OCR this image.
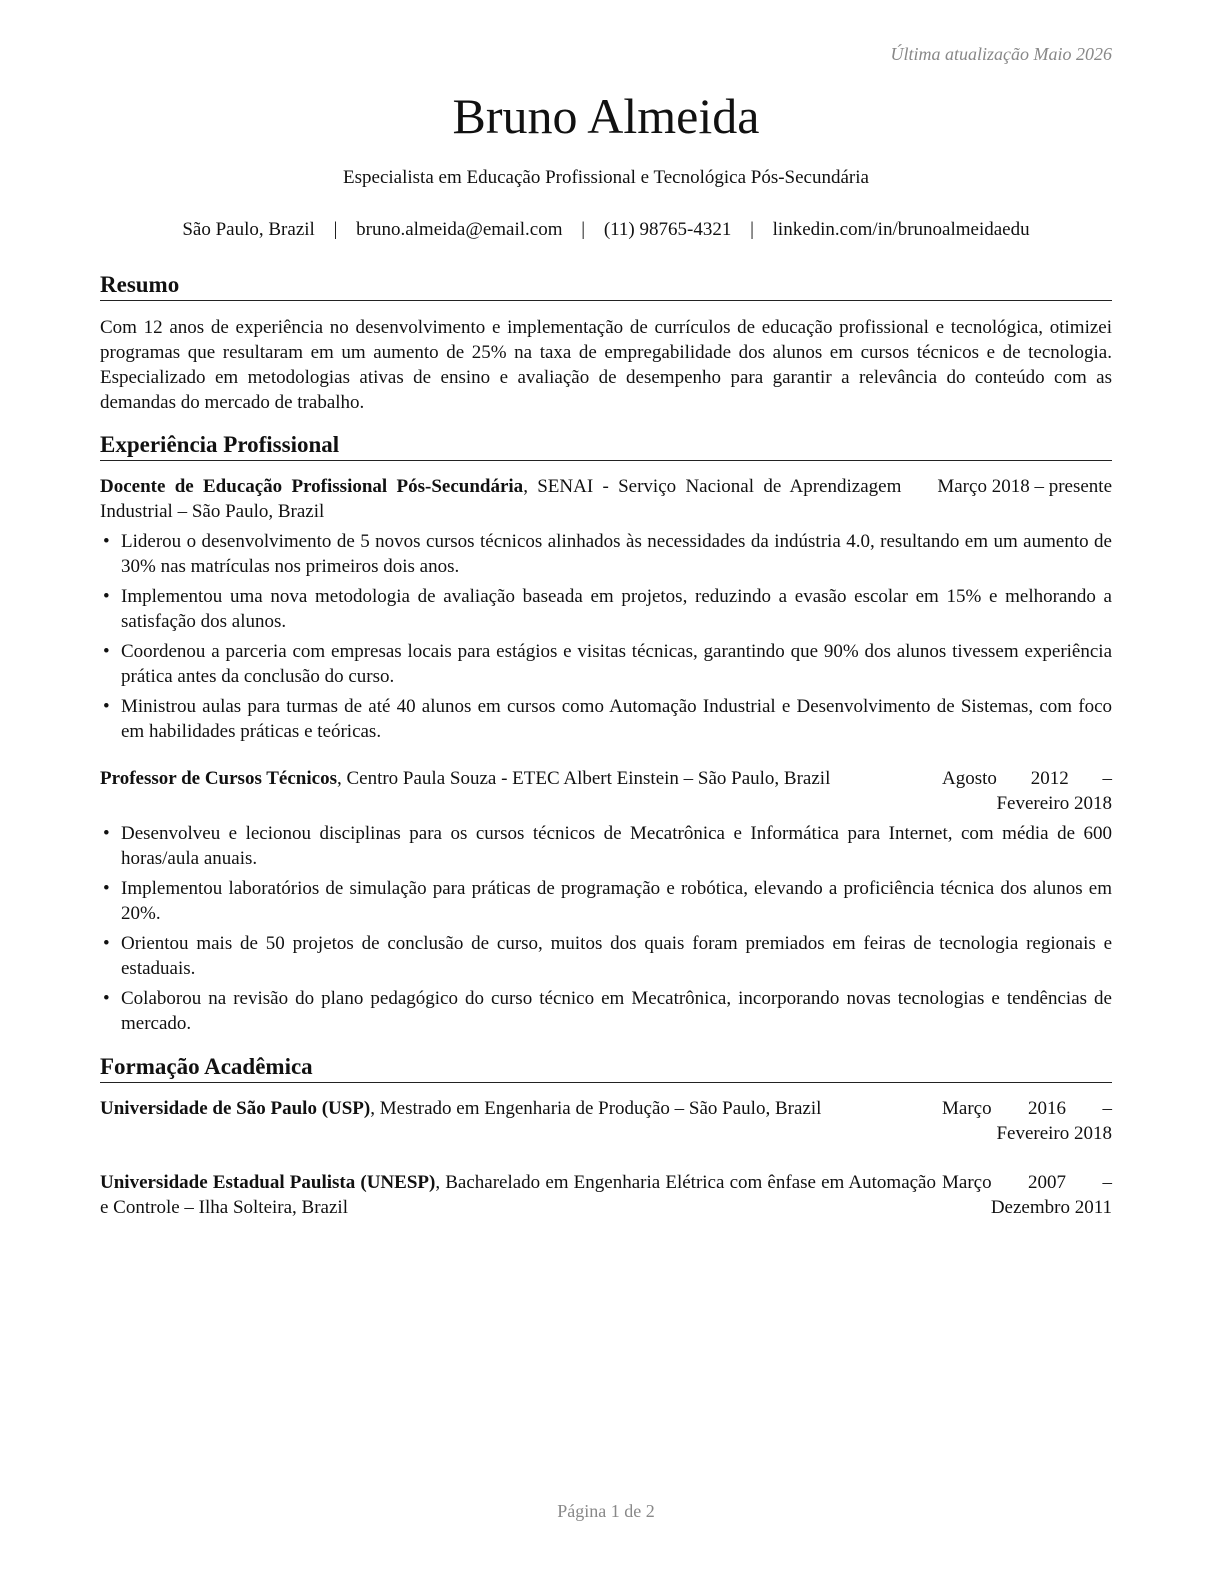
Última atualização Maio 2026
Bruno Almeida
Especialista em Educação Profissional e Tecnológica Pós-Secundária
São Paulo, Brazil | bruno.almeida@email.com | (11) 98765-4321 | linkedin.com/in/brunoalmeidaedu
Resumo
Com 12 anos de experiência no desenvolvimento e implementação de currículos de educação profissional e tecnológica, otimizei programas que resultaram em um aumento de 25% na taxa de empregabilidade dos alunos em cursos técnicos e de tecnologia. Especializado em metodologias ativas de ensino e avaliação de desempenho para garantir a relevância do conteúdo com as demandas do mercado de trabalho.
Experiência Profissional
Docente de Educação Profissional Pós-Secundária, SENAI - Serviço Nacional de Aprendizagem Industrial – São Paulo, Brazil
Março 2018 – presente
• Liderou o desenvolvimento de 5 novos cursos técnicos alinhados às necessidades da indústria 4.0, resultando em um aumento de 30% nas matrículas nos primeiros dois anos.
• Implementou uma nova metodologia de avaliação baseada em projetos, reduzindo a evasão escolar em 15% e melhorando a satisfação dos alunos.
• Coordenou a parceria com empresas locais para estágios e visitas técnicas, garantindo que 90% dos alunos tivessem experiência prática antes da conclusão do curso.
• Ministrou aulas para turmas de até 40 alunos em cursos como Automação Industrial e Desenvolvimento de Sistemas, com foco em habilidades práticas e teóricas.
Professor de Cursos Técnicos, Centro Paula Souza - ETEC Albert Einstein – São Paulo, Brazil	Agosto 2012 – Fevereiro 2018
• Desenvolveu e lecionou disciplinas para os cursos técnicos de Mecatrônica e Informática para Internet, com média de 600 horas/aula anuais.
• Implementou laboratórios de simulação para práticas de programação e robótica, elevando a proficiência técnica dos alunos em 20%.
• Orientou mais de 50 projetos de conclusão de curso, muitos dos quais foram premiados em feiras de tecnologia regionais e estaduais.
• Colaborou na revisão do plano pedagógico do curso técnico em Mecatrônica, incorporando novas tecnologias e tendências de mercado.
Formação Acadêmica
Universidade de São Paulo (USP), Mestrado em Engenharia de Produção – São Paulo, Brazil	Março 2016 – Fevereiro 2018
Universidade Estadual Paulista (UNESP), Bacharelado em Engenharia Elétrica com ênfase em Automação e Controle – Ilha Solteira, Brazil
Março 2007 – Dezembro 2011
Página 1 de 2
